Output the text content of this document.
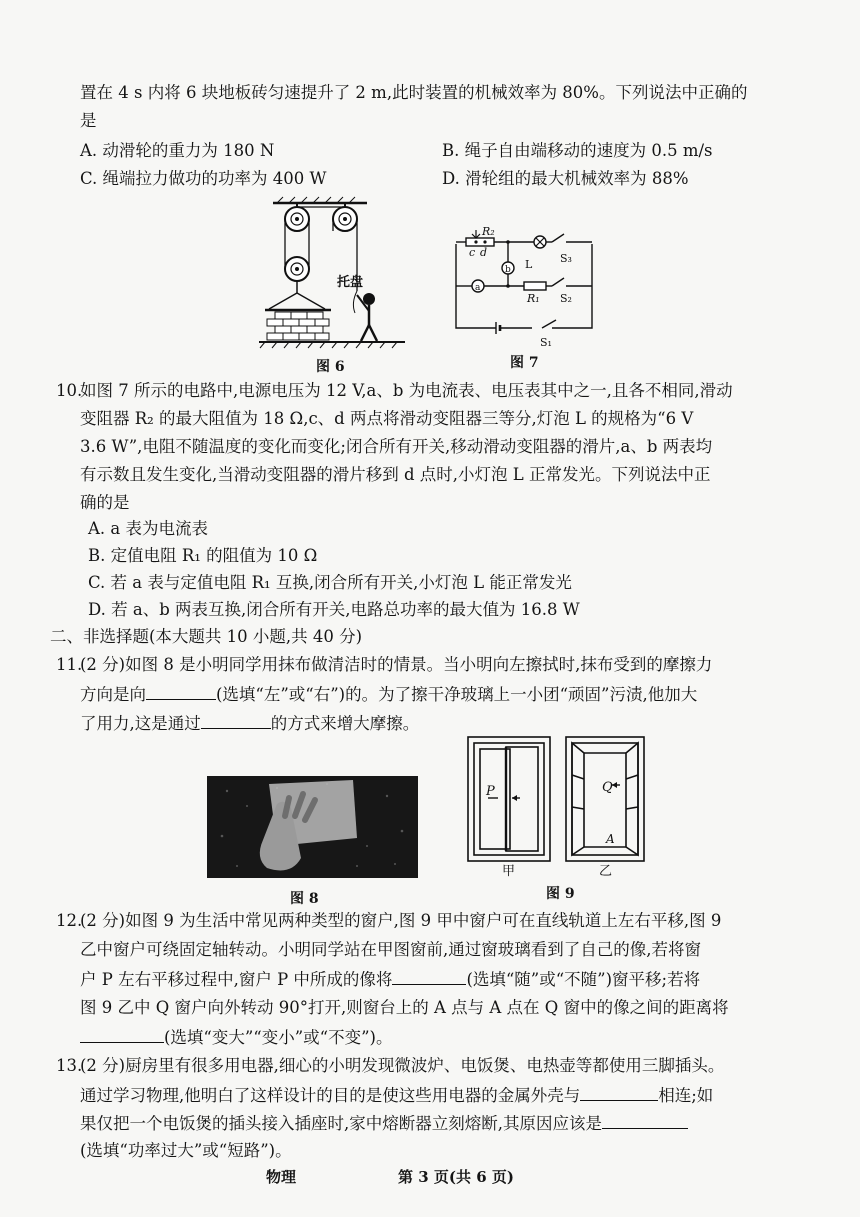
置在 4 s 内将 6 块地板砖匀速提升了 2 m,此时装置的机械效率为 80%。下列说法中正确的
是
A. 动滑轮的重力为 180 N	B. 绳子自由端移动的速度为 0.5 m/s
C. 绳端拉力做功的功率为 400 W	D. 滑轮组的最大机械效率为 88%
托盘
图 6
R₂
c d
b
a
L
R₁
S₃
S₂
S₁
图 7
10.
如图 7 所示的电路中,电源电压为 12 V,a、b 为电流表、电压表其中之一,且各不相同,滑动
变阻器 R₂ 的最大阻值为 18 Ω,c、d 两点将滑动变阻器三等分,灯泡 L 的规格为“6 V
3.6 W”,电阻不随温度的变化而变化;闭合所有开关,移动滑动变阻器的滑片,a、b 两表均
有示数且发生变化,当滑动变阻器的滑片移到 d 点时,小灯泡 L 正常发光。下列说法中正
确的是
A. a 表为电流表
B. 定值电阻 R₁ 的阻值为 10 Ω
C. 若 a 表与定值电阻 R₁ 互换,闭合所有开关,小灯泡 L 能正常发光
D. 若 a、b 两表互换,闭合所有开关,电路总功率的最大值为 16.8 W
二、非选择题(本大题共 10 小题,共 40 分)
11.
(2 分)如图 8 是小明同学用抹布做清洁时的情景。当小明向左擦拭时,抹布受到的摩擦力
方向是向	(选填“左”或“右”)的。为了擦干净玻璃上一小团“顽固”污渍,他加大
了用力,这是通过	的方式来增大摩擦。
图 8
P	Q
A
甲	乙
图 9
12.
(2 分)如图 9 为生活中常见两种类型的窗户,图 9 甲中窗户可在直线轨道上左右平移,图 9
乙中窗户可绕固定轴转动。小明同学站在甲图窗前,通过窗玻璃看到了自己的像,若将窗
户 P 左右平移过程中,窗户 P 中所成的像将	(选填“随”或“不随”)窗平移;若将
图 9 乙中 Q 窗户向外转动 90°打开,则窗台上的 A 点与 A 点在 Q 窗中的像之间的距离将
(选填“变大”“变小”或“不变”)。
13.
(2 分)厨房里有很多用电器,细心的小明发现微波炉、电饭煲、电热壶等都使用三脚插头。
通过学习物理,他明白了这样设计的目的是使这些用电器的金属外壳与	相连;如
果仅把一个电饭煲的插头接入插座时,家中熔断器立刻熔断,其原因应该是
(选填“功率过大”或“短路”)。
物理	第 3 页(共 6 页)
